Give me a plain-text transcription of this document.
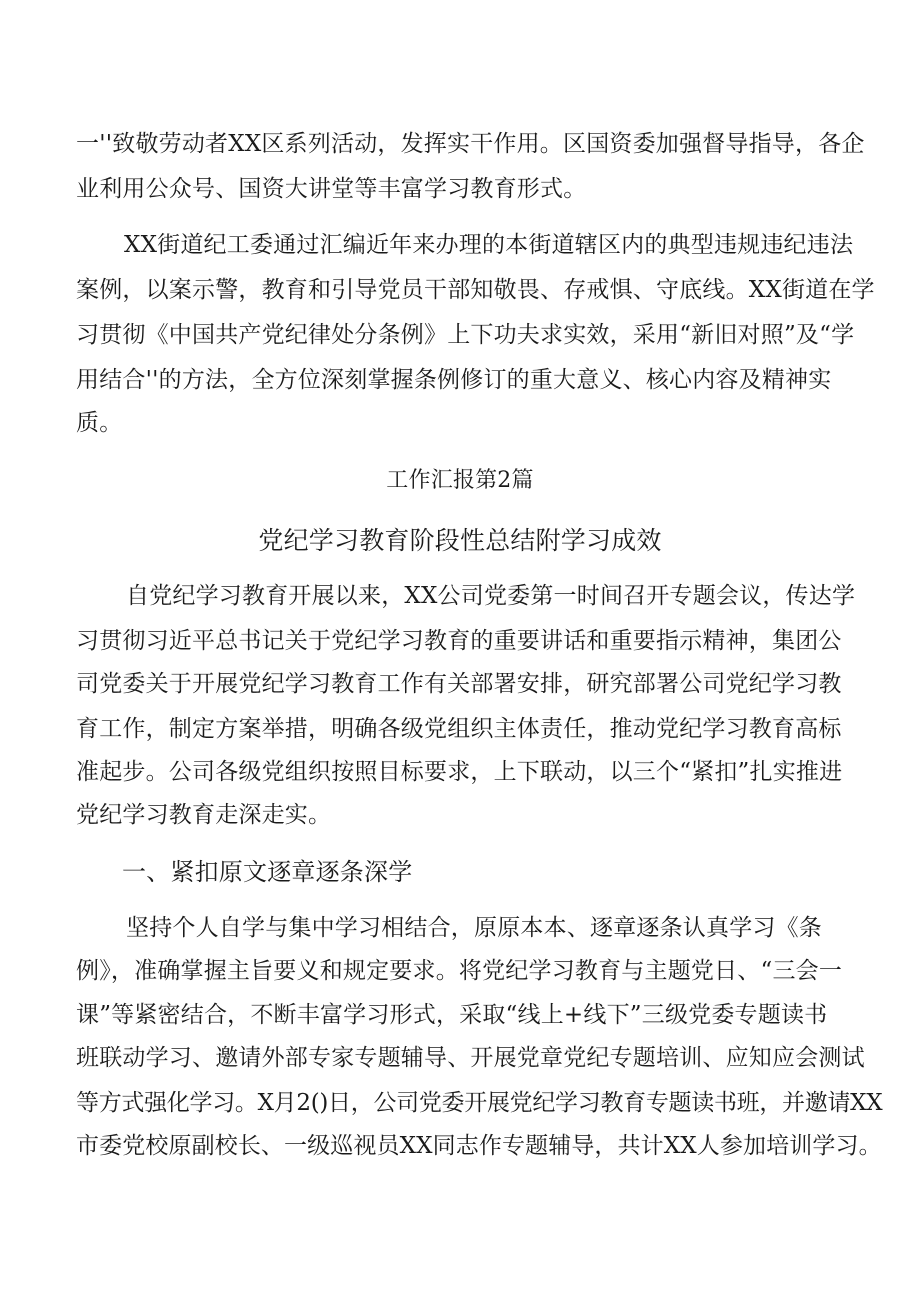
一''致敬劳动者XX区系列活动，发挥实干作用。区国资委加强督导指导，各企
业利用公众号、国资大讲堂等丰富学习教育形式。
XX街道纪工委通过汇编近年来办理的本街道辖区内的典型违规违纪违法
案例，以案示警，教育和引导党员干部知敬畏、存戒惧、守底线。XX街道在学
习贯彻《中国共产党纪律处分条例》上下功夫求实效，采用“新旧对照”及“学
用结合''的方法，全方位深刻掌握条例修订的重大意义、核心内容及精神实
质。
工作汇报第2篇
党纪学习教育阶段性总结附学习成效
自党纪学习教育开展以来，XX公司党委第一时间召开专题会议，传达学
习贯彻习近平总书记关于党纪学习教育的重要讲话和重要指示精神，集团公
司党委关于开展党纪学习教育工作有关部署安排，研究部署公司党纪学习教
育工作，制定方案举措，明确各级党组织主体责任，推动党纪学习教育高标
准起步。公司各级党组织按照目标要求，上下联动，以三个“紧扣”扎实推进
党纪学习教育走深走实。
一、紧扣原文逐章逐条深学
坚持个人自学与集中学习相结合，原原本本、逐章逐条认真学习《条
例》，准确掌握主旨要义和规定要求。将党纪学习教育与主题党日、“三会一
课”等紧密结合，不断丰富学习形式，采取“线上+线下”三级党委专题读书
班联动学习、邀请外部专家专题辅导、开展党章党纪专题培训、应知应会测试
等方式强化学习。X月2()日，公司党委开展党纪学习教育专题读书班，并邀请XX
市委党校原副校长、一级巡视员XX同志作专题辅导，共计XX人参加培训学习。
